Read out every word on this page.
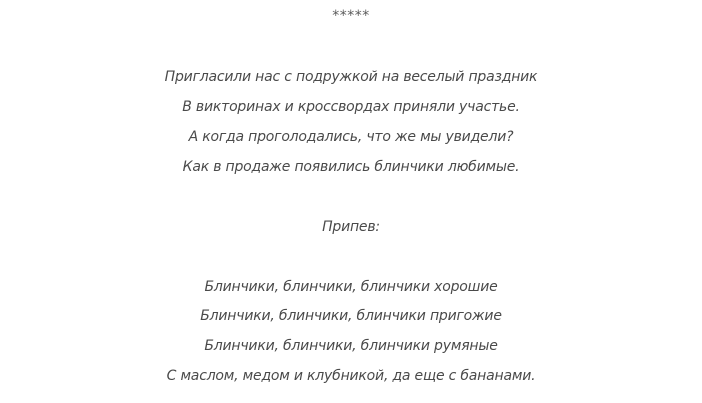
*****
Пригласили нас с подружкой на веселый праздник
В викторинах и кроссвордах приняли участье.
А когда проголодались, что же мы увидели?
Как в продаже появились блинчики любимые.
Припев:
Блинчики, блинчики, блинчики хорошие
Блинчики, блинчики, блинчики пригожие
Блинчики, блинчики, блинчики румяные
С маслом, медом и клубникой, да еще с бананами.
